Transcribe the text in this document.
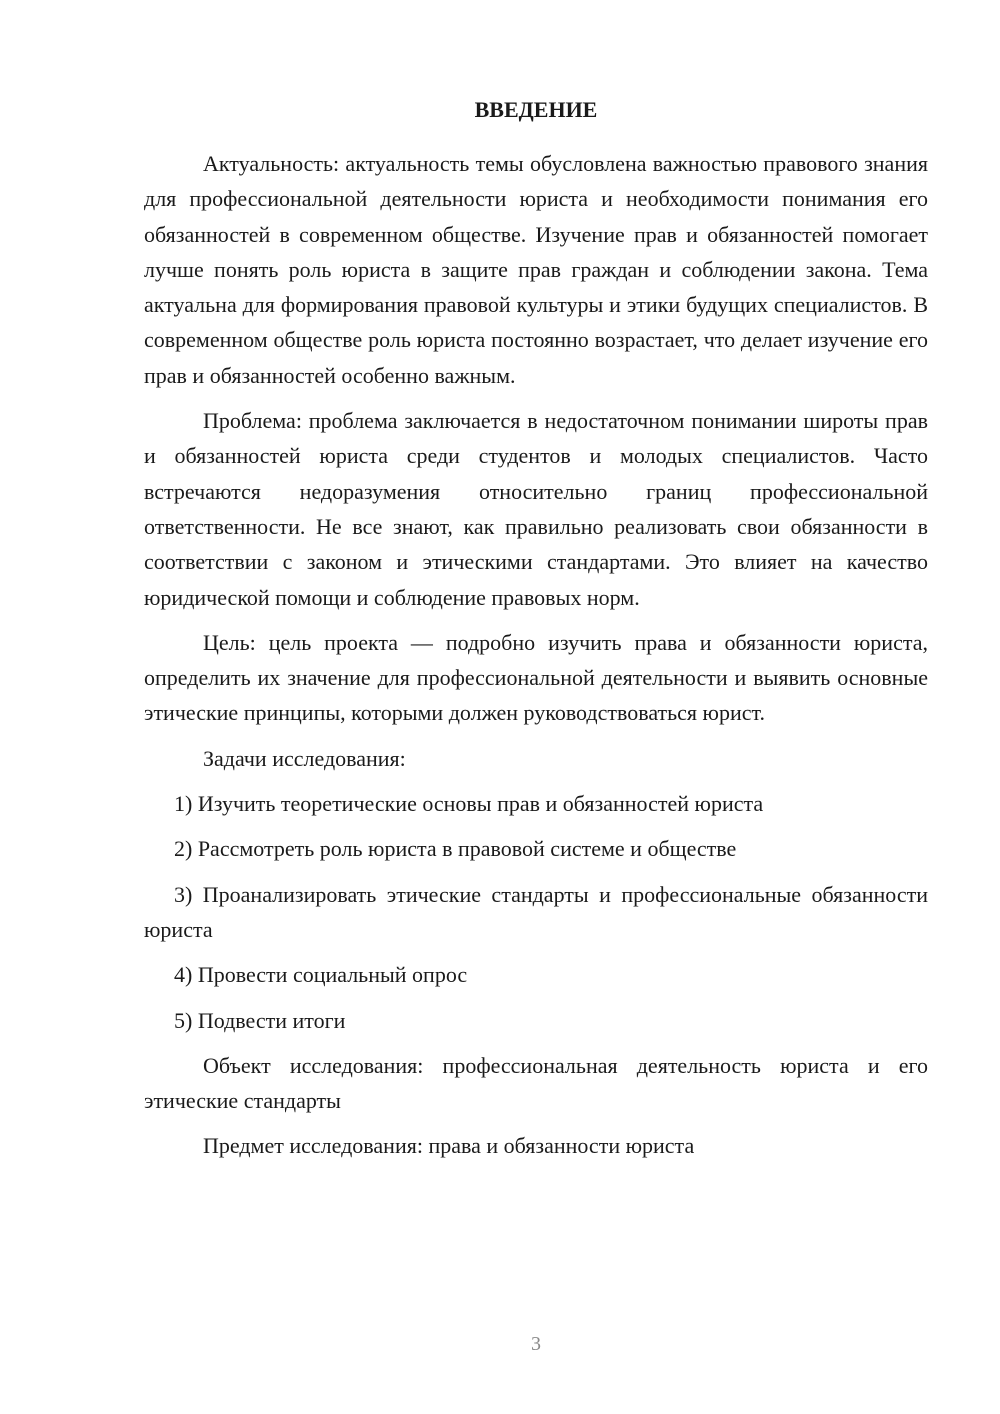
ВВЕДЕНИЕ

Актуальность: актуальность темы обусловлена важностью правового знания для профессиональной деятельности юриста и необходимости понимания его обязанностей в современном обществе. Изучение прав и обязанностей помогает лучше понять роль юриста в защите прав граждан и соблюдении закона. Тема актуальна для формирования правовой культуры и этики будущих специалистов. В современном обществе роль юриста постоянно возрастает, что делает изучение его прав и обязанностей особенно важным.

Проблема: проблема заключается в недостаточном понимании широты прав и обязанностей юриста среди студентов и молодых специалистов. Часто встречаются недоразумения относительно границ профессиональной ответственности. Не все знают, как правильно реализовать свои обязанности в соответствии с законом и этическими стандартами. Это влияет на качество юридической помощи и соблюдение правовых норм.

Цель: цель проекта — подробно изучить права и обязанности юриста, определить их значение для профессиональной деятельности и выявить основные этические принципы, которыми должен руководствоваться юрист.

Задачи исследования:

1) Изучить теоретические основы прав и обязанностей юриста

2) Рассмотреть роль юриста в правовой системе и обществе

3) Проанализировать этические стандарты и профессиональные обязанности юриста

4) Провести социальный опрос

5) Подвести итоги

Объект исследования: профессиональная деятельность юриста и его этические стандарты

Предмет исследования: права и обязанности юриста

3
